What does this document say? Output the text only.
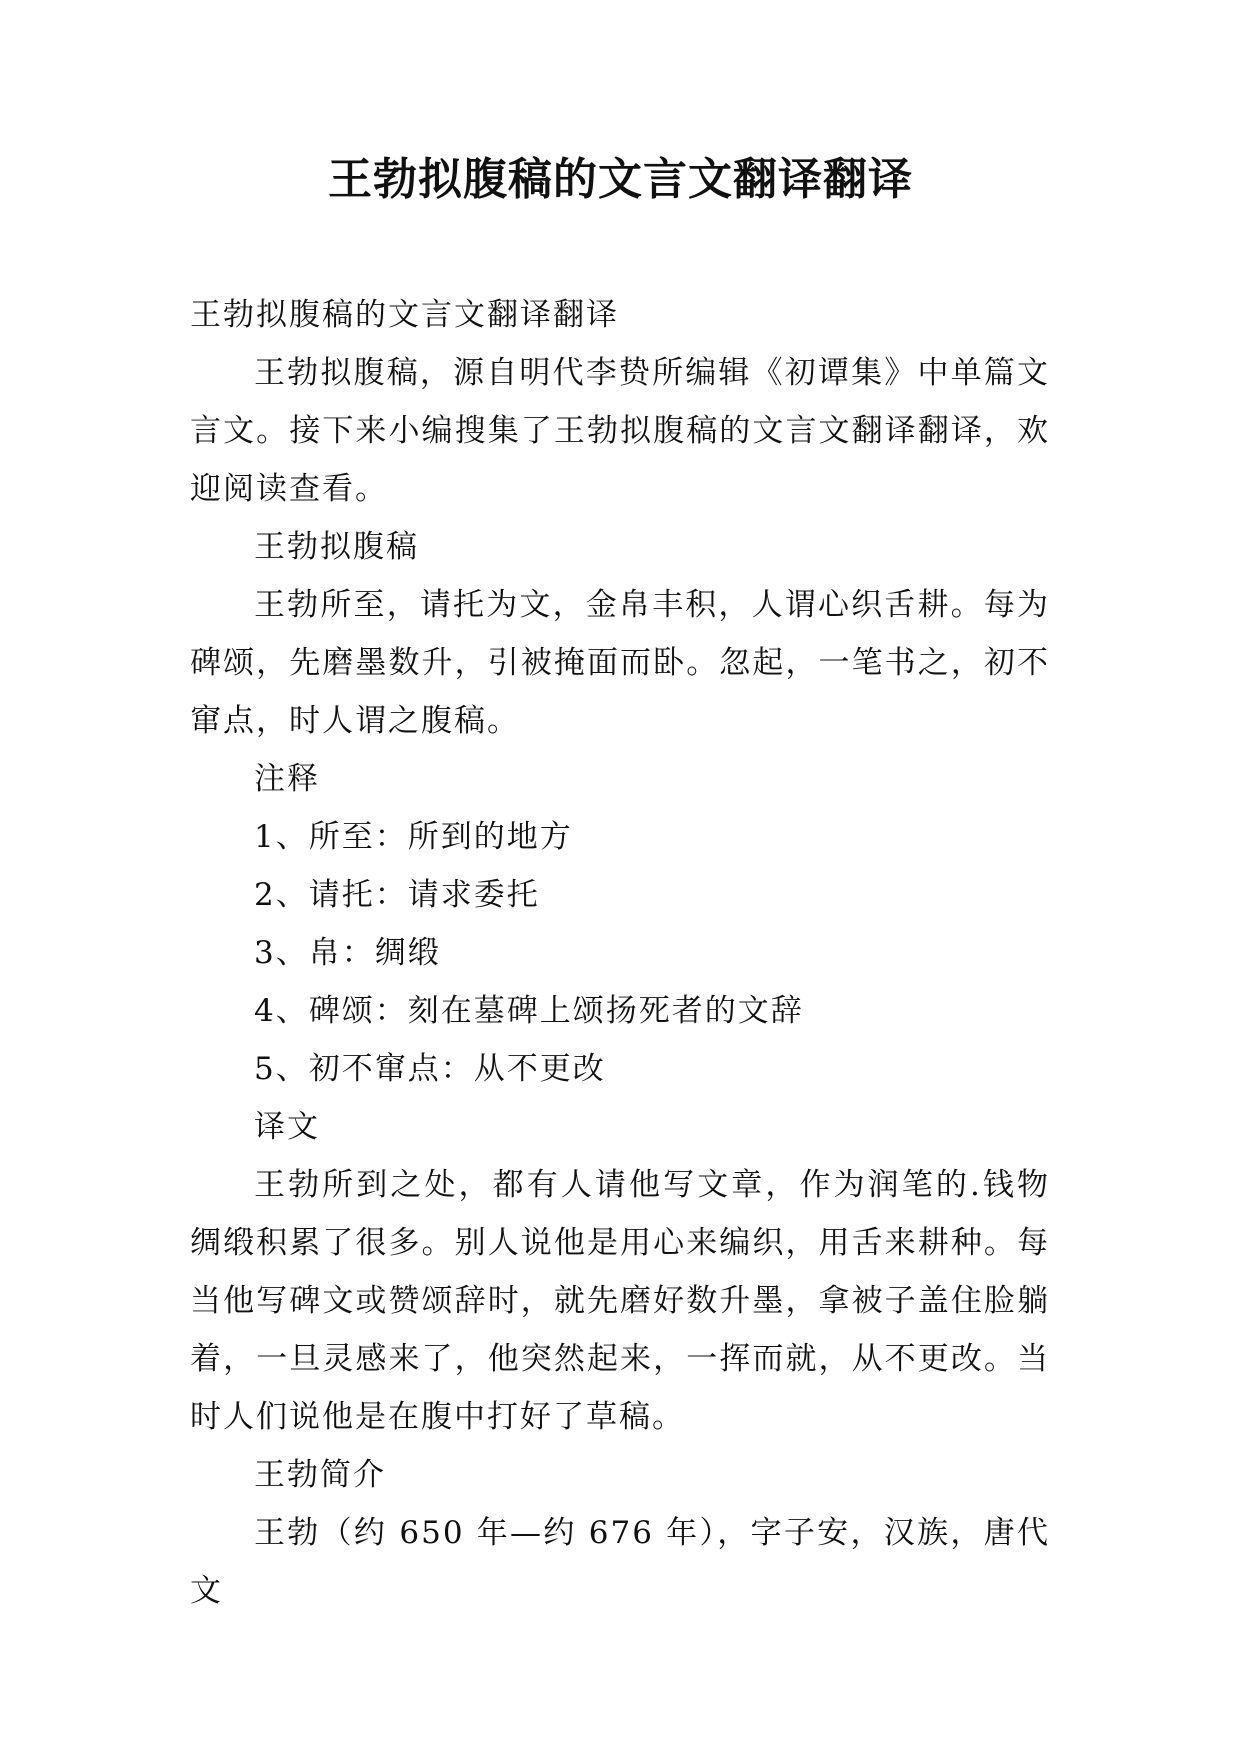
王勃拟腹稿的文言文翻译翻译

王勃拟腹稿的文言文翻译翻译

王勃拟腹稿，源自明代李贽所编辑《初谭集》中单篇文言文。接下来小编搜集了王勃拟腹稿的文言文翻译翻译，欢迎阅读查看。

王勃拟腹稿

王勃所至，请托为文，金帛丰积，人谓心织舌耕。每为碑颂，先磨墨数升，引被掩面而卧。忽起，一笔书之，初不窜点，时人谓之腹稿。

注释

1、所至：所到的地方

2、请托：请求委托

3、帛：绸缎

4、碑颂：刻在墓碑上颂扬死者的文辞

5、初不窜点：从不更改

译文

王勃所到之处，都有人请他写文章，作为润笔的.钱物绸缎积累了很多。别人说他是用心来编织，用舌来耕种。每当他写碑文或赞颂辞时，就先磨好数升墨，拿被子盖住脸躺着，一旦灵感来了，他突然起来，一挥而就，从不更改。当时人们说他是在腹中打好了草稿。

王勃简介

王勃（约 650 年—约 676 年），字子安，汉族，唐代文
